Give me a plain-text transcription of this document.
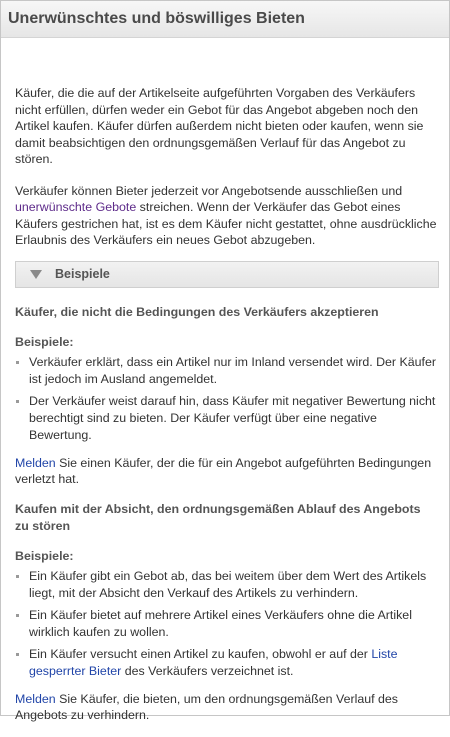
Unerwünschtes und böswilliges Bieten

Käufer, die die auf der Artikelseite aufgeführten Vorgaben des Verkäufers nicht erfüllen, dürfen weder ein Gebot für das Angebot abgeben noch den Artikel kaufen. Käufer dürfen außerdem nicht bieten oder kaufen, wenn sie damit beabsichtigen den ordnungsgemäßen Verlauf für das Angebot zu stören.

Verkäufer können Bieter jederzeit vor Angebotsende ausschließen und unerwünschte Gebote streichen. Wenn der Verkäufer das Gebot eines Käufers gestrichen hat, ist es dem Käufer nicht gestattet, ohne ausdrückliche Erlaubnis des Verkäufers ein neues Gebot abzugeben.

Beispiele
Käufer, die nicht die Bedingungen des Verkäufers akzeptieren
Beispiele:
Verkäufer erklärt, dass ein Artikel nur im Inland versendet wird. Der Käufer ist jedoch im Ausland angemeldet.
Der Verkäufer weist darauf hin, dass Käufer mit negativer Bewertung nicht berechtigt sind zu bieten. Der Käufer verfügt über eine negative Bewertung.

Melden Sie einen Käufer, der die für ein Angebot aufgeführten Bedingungen verletzt hat.

Kaufen mit der Absicht, den ordnungsgemäßen Ablauf des Angebots zu stören
Beispiele:
Ein Käufer gibt ein Gebot ab, das bei weitem über dem Wert des Artikels liegt, mit der Absicht den Verkauf des Artikels zu verhindern.
Ein Käufer bietet auf mehrere Artikel eines Verkäufers ohne die Artikel wirklich kaufen zu wollen.
Ein Käufer versucht einen Artikel zu kaufen, obwohl er auf der Liste gesperrter Bieter des Verkäufers verzeichnet ist.

Melden Sie Käufer, die bieten, um den ordnungsgemäßen Verlauf des Angebots zu verhindern.
